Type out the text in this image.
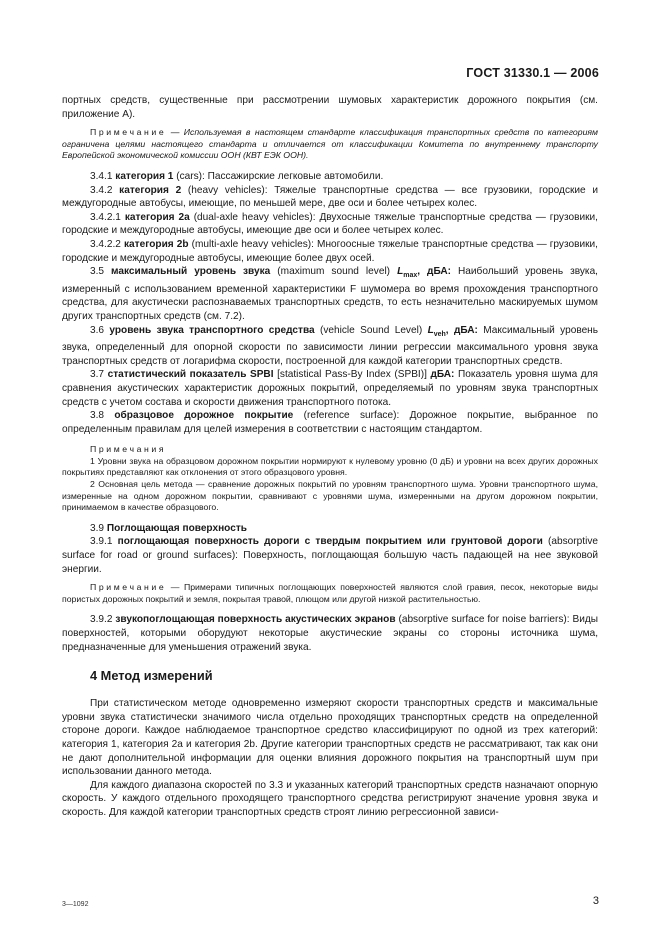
ГОСТ 31330.1 — 2006

портных средств, существенные при рассмотрении шумовых характеристик дорожного покрытия (см. приложение А).

Примечание — Используемая в настоящем стандарте классификация транспортных средств по категориям ограничена целями настоящего стандарта и отличается от классификации Комитета по внутреннему транспорту Европейской экономической комиссии ООН (КВТ ЕЭК ООН).

3.4.1 категория 1 (cars): Пассажирские легковые автомобили.

3.4.2 категория 2 (heavy vehicles): Тяжелые транспортные средства — все грузовики, городские и междугородные автобусы, имеющие, по меньшей мере, две оси и более четырех колес.

3.4.2.1 категория 2а (dual-axle heavy vehicles): Двухосные тяжелые транспортные средства — грузовики, городские и междугородные автобусы, имеющие две оси и более четырех колес.

3.4.2.2 категория 2b (multi-axle heavy vehicles): Многоосные тяжелые транспортные средства — грузовики, городские и междугородные автобусы, имеющие более двух осей.

3.5 максимальный уровень звука (maximum sound level) $L_{max}$, дБА: Наибольший уровень звука, измеренный с использованием временной характеристики F шумомера во время прохождения транспортного средства, для акустически распознаваемых транспортных средств, то есть незначительно маскируемых шумом других транспортных средств (см. 7.2).

3.6 уровень звука транспортного средства (vehicle Sound Level) $L_{veh}$, дБА: Максимальный уровень звука, определенный для опорной скорости по зависимости линии регрессии максимального уровня звука транспортных средств от логарифма скорости, построенной для каждой категории транспортных средств.

3.7 статистический показатель SPBI [statistical Pass-By Index (SPBI)] дБА: Показатель уровня шума для сравнения акустических характеристик дорожных покрытий, определяемый по уровням звука транспортных средств с учетом состава и скорости движения транспортного потока.

3.8 образцовое дорожное покрытие (reference surface): Дорожное покрытие, выбранное по определенным правилам для целей измерения в соответствии с настоящим стандартом.

Примечания

1 Уровни звука на образцовом дорожном покрытии нормируют к нулевому уровню (0 дБ) и уровни на всех других дорожных покрытиях представляют как отклонения от этого образцового уровня.

2 Основная цель метода — сравнение дорожных покрытий по уровням транспортного шума. Уровни транспортного шума, измеренные на одном дорожном покрытии, сравнивают с уровнями шума, измеренными на другом дорожном покрытии, принимаемом в качестве образцового.

3.9 Поглощающая поверхность

3.9.1 поглощающая поверхность дороги с твердым покрытием или грунтовой дороги (absorptive surface for road or ground surfaces): Поверхность, поглощающая большую часть падающей на нее звуковой энергии.

Примечание — Примерами типичных поглощающих поверхностей являются слой гравия, песок, некоторые виды пористых дорожных покрытий и земля, покрытая травой, плющом или другой низкой растительностью.

3.9.2 звукопоглощающая поверхность акустических экранов (absorptive surface for noise barriers): Виды поверхностей, которыми оборудуют некоторые акустические экраны со стороны источника шума, предназначенные для уменьшения отражений звука.

4 Метод измерений

При статистическом методе одновременно измеряют скорости транспортных средств и максимальные уровни звука статистически значимого числа отдельно проходящих транспортных средств на определенной стороне дороги. Каждое наблюдаемое транспортное средство классифицируют по одной из трех категорий: категория 1, категория 2а и категория 2b. Другие категории транспортных средств не рассматривают, так как они не дают дополнительной информации для оценки влияния дорожного покрытия на транспортный шум при использовании данного метода.

Для каждого диапазона скоростей по 3.3 и указанных категорий транспортных средств назначают опорную скорость. У каждого отдельного проходящего транспортного средства регистрируют значение уровня звука и скорость. Для каждой категории транспортных средств строят линию регрессионной зависи-

3—1092	3
